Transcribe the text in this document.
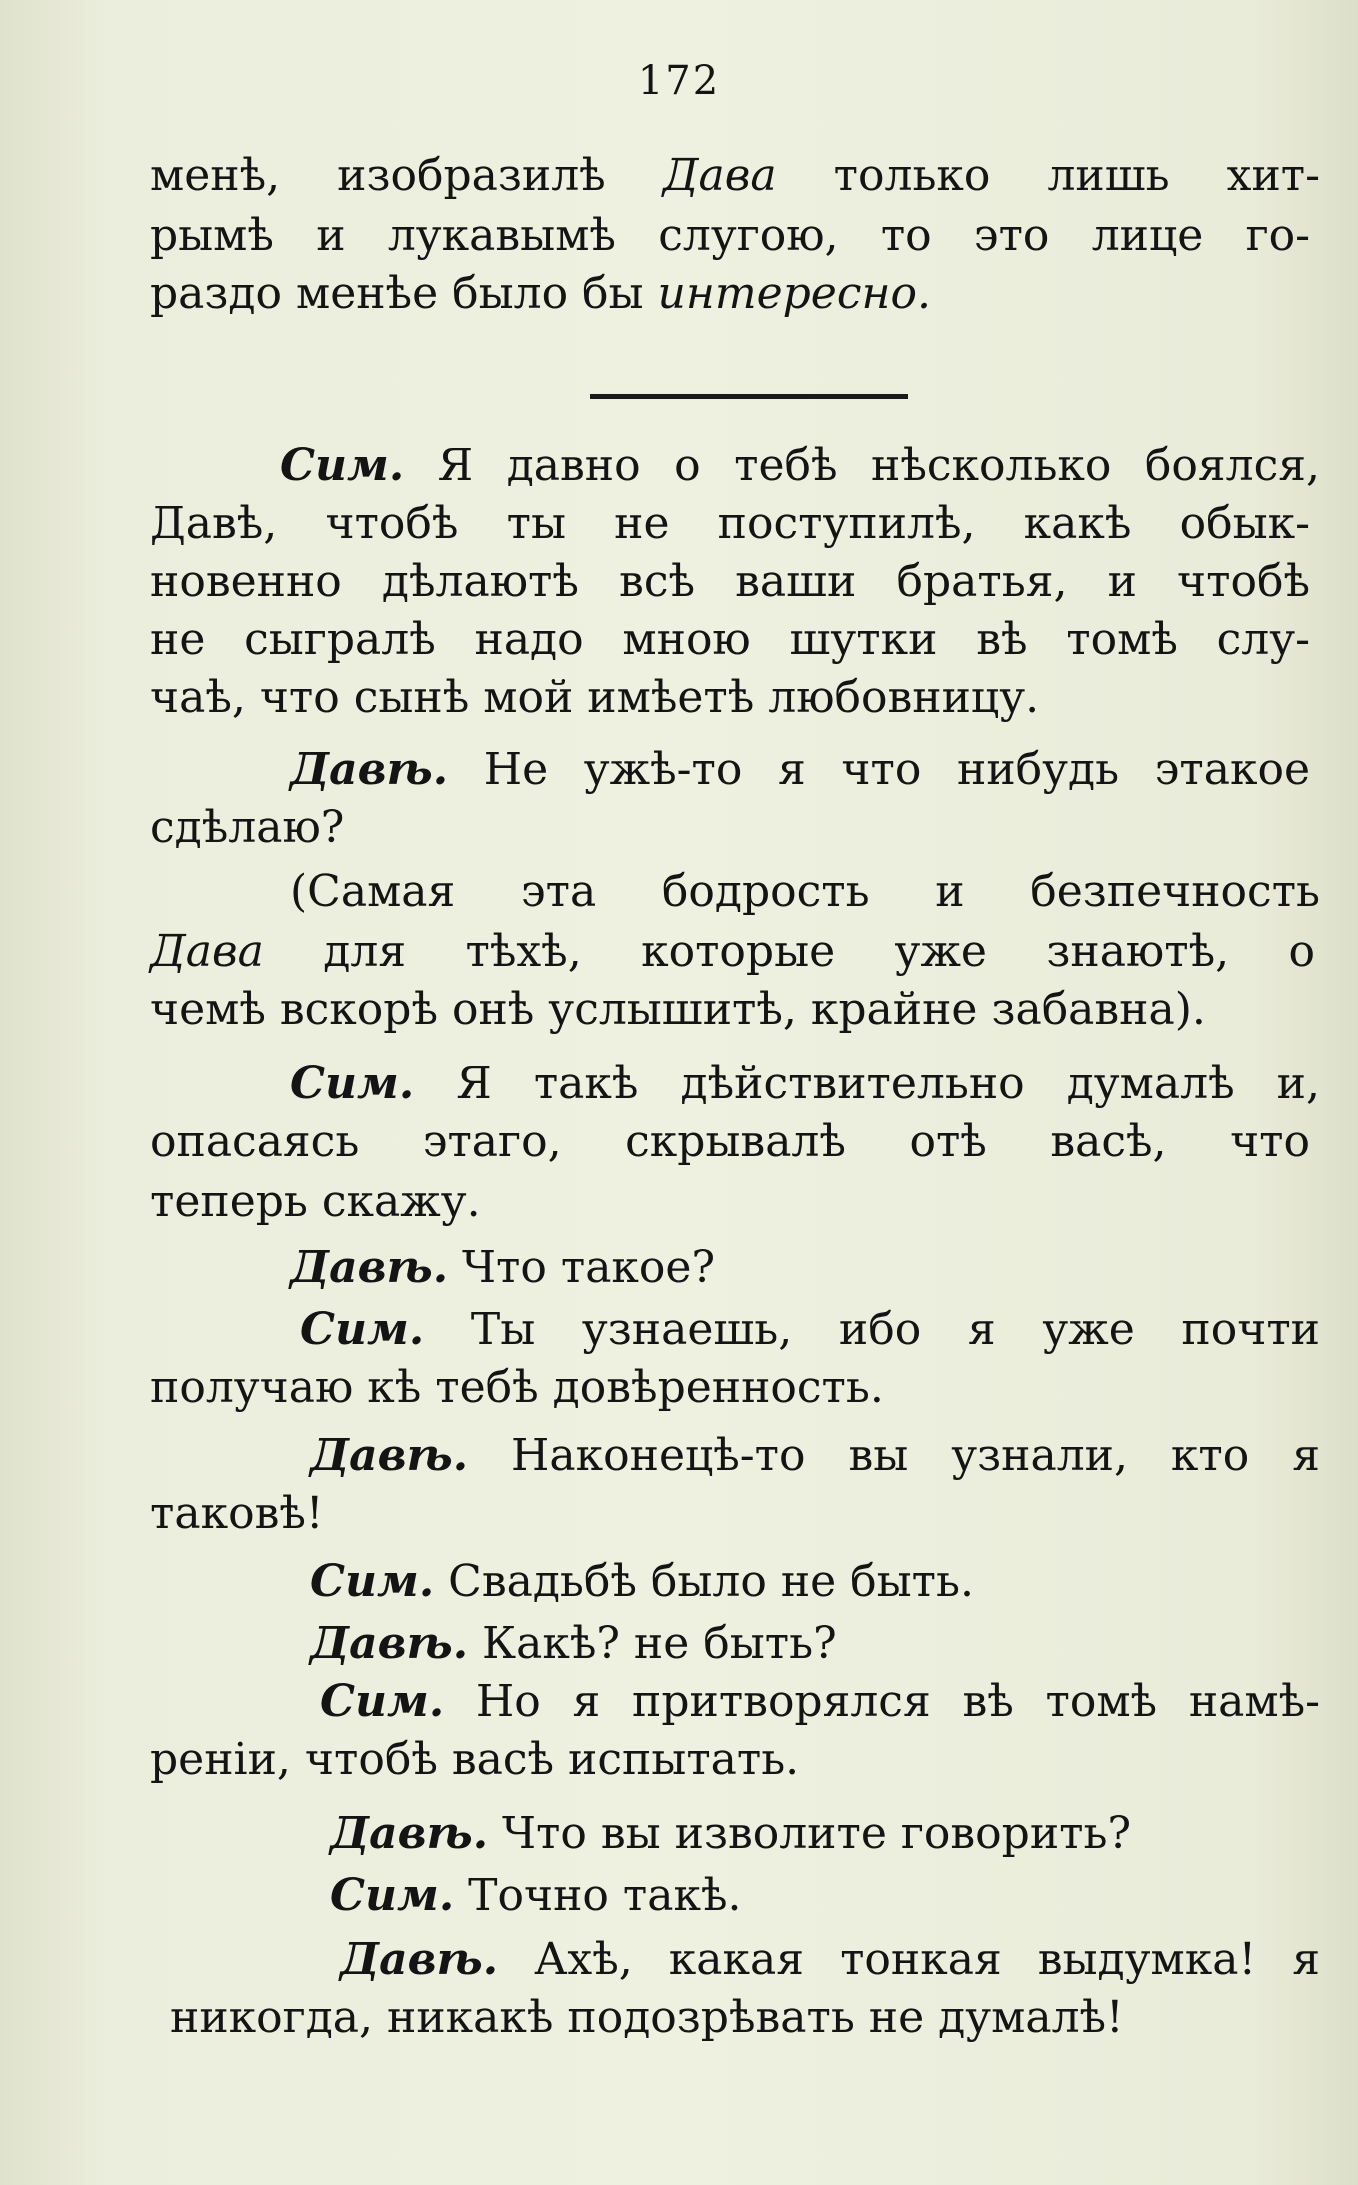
172
менѣ, изобразилѣ Дава только лишь хит-
рымѣ и лукавымѣ слугою, то это лице го-
раздо менѣе было бы интересно.
Сим. Я давно о тебѣ нѣсколько боялся,
Давѣ, чтобѣ ты не поступилѣ, какѣ обык-
новенно дѣлаютѣ всѣ ваши братья, и чтобѣ
не сыгралѣ надо мною шутки вѣ томѣ слу-
чаѣ, что сынѣ мой имѣетѣ любовницу.
Давѣ. Не ужѣ-то я что нибудь этакое
сдѣлаю?
(Самая эта бодрость и безпечность
Дава для тѣхѣ, которые уже знаютѣ, о
чемѣ вскорѣ онѣ услышитѣ, крайне забавна).
Сим. Я такѣ дѣйствительно думалѣ и,
опасаясь этаго, скрывалѣ отѣ васѣ, что
теперь скажу.
Давѣ. Что такое?
Сим. Ты узнаешь, ибо я уже почти
получаю кѣ тебѣ довѣренность.
Давѣ. Наконецѣ-то вы узнали, кто я
таковѣ!
Сим. Свадьбѣ было не быть.
Давѣ. Какѣ? не быть?
Сим. Но я притворялся вѣ томѣ намѣ-
реніи, чтобѣ васѣ испытать.
Давѣ. Что вы изволите говорить?
Сим. Точно такѣ.
Давѣ. Ахѣ, какая тонкая выдумка! я
никогда, никакѣ подозрѣвать не думалѣ!
